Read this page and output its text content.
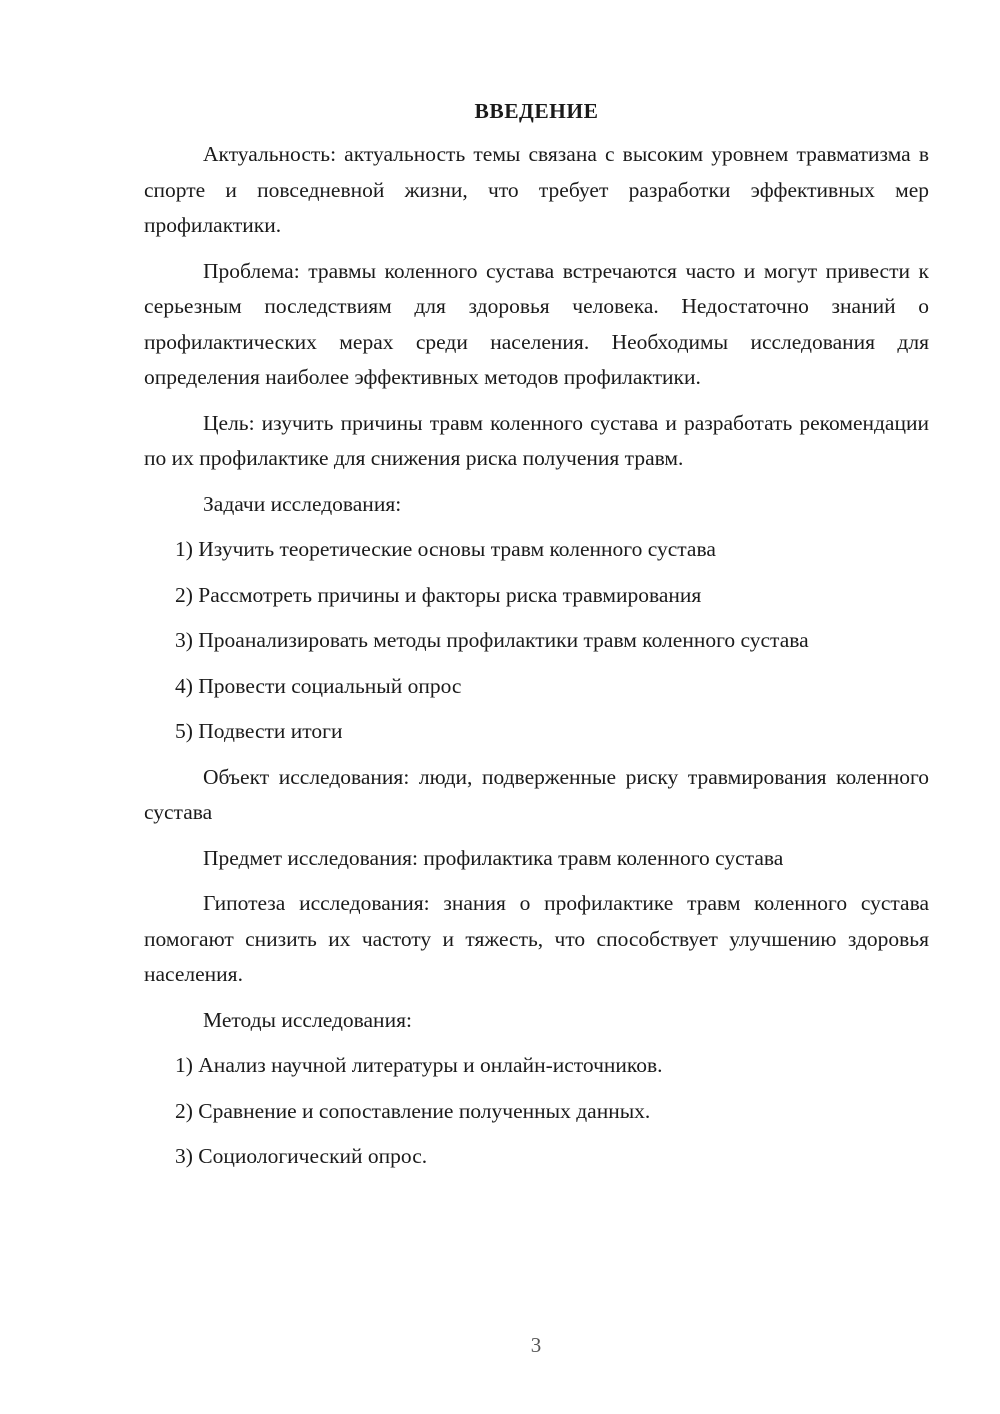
ВВЕДЕНИЕ

Актуальность: актуальность темы связана с высоким уровнем травматизма в спорте и повседневной жизни, что требует разработки эффективных мер профилактики.

Проблема: травмы коленного сустава встречаются часто и могут привести к серьезным последствиям для здоровья человека. Недостаточно знаний о профилактических мерах среди населения. Необходимы исследования для определения наиболее эффективных методов профилактики.

Цель: изучить причины травм коленного сустава и разработать рекомендации по их профилактике для снижения риска получения травм.

Задачи исследования:

1) Изучить теоретические основы травм коленного сустава

2) Рассмотреть причины и факторы риска травмирования

3) Проанализировать методы профилактики травм коленного сустава

4) Провести социальный опрос

5) Подвести итоги

Объект исследования: люди, подверженные риску травмирования коленного сустава

Предмет исследования: профилактика травм коленного сустава

Гипотеза исследования: знания о профилактике травм коленного сустава помогают снизить их частоту и тяжесть, что способствует улучшению здоровья населения.

Методы исследования:

1) Анализ научной литературы и онлайн-источников.

2) Сравнение и сопоставление полученных данных.

3) Социологический опрос.

3
